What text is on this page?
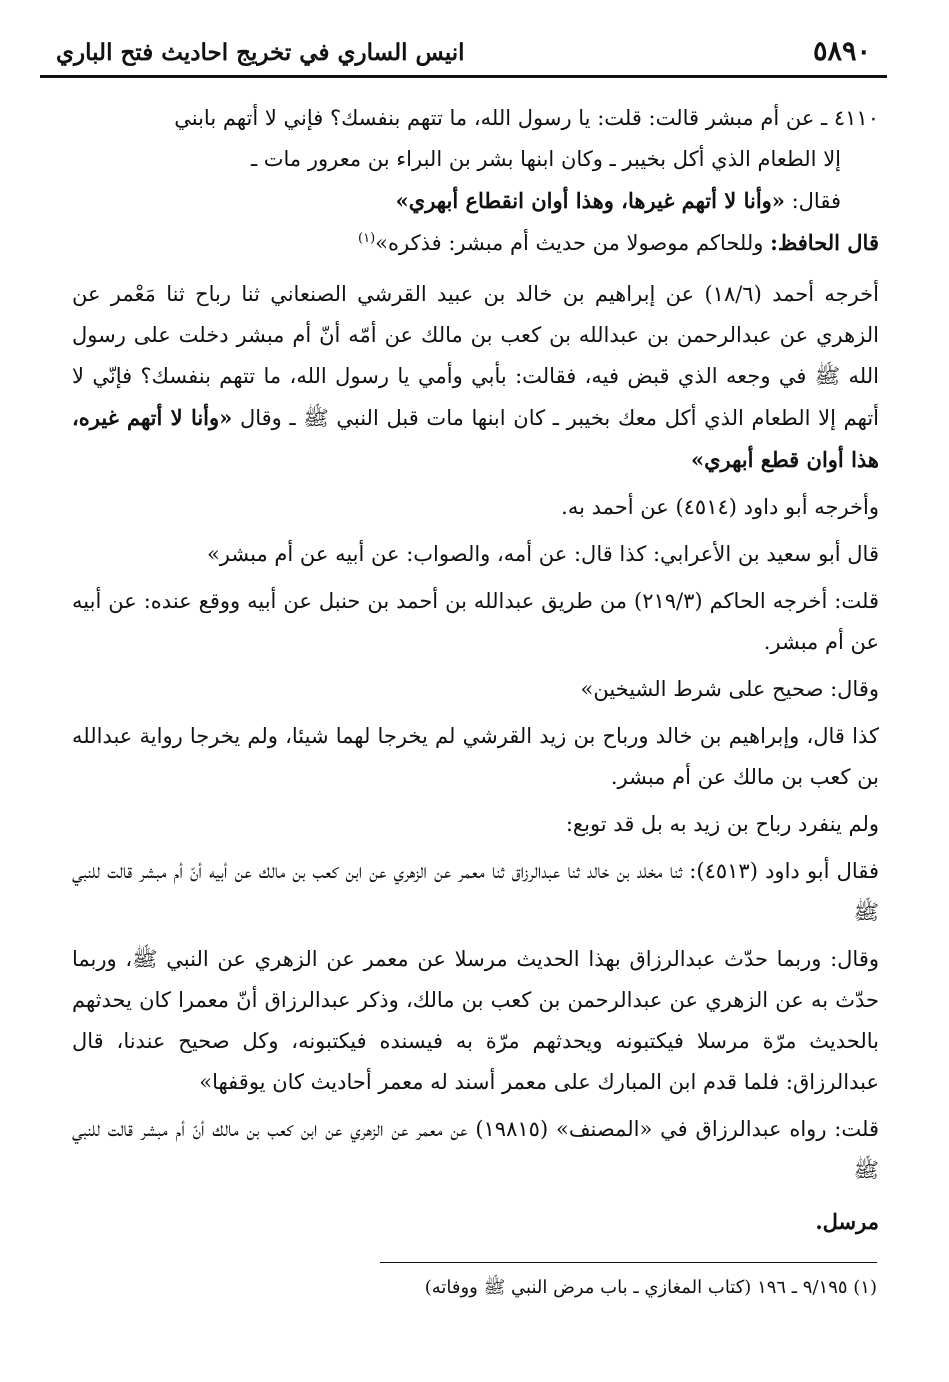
٥٨٩٠
انيس الساري في تخريج احاديث فتح الباري
٤١١٠ ـ عن أم مبشر قالت: قلت: يا رسول الله، ما تتهم بنفسك؟ فإني لا أتهم بابني
إلا الطعام الذي أكل بخيبر ـ وكان ابنها بشر بن البراء بن معرور مات ـ
فقال: «وأنا لا أتهم غيرها، وهذا أوان انقطاع أبهري»
قال الحافظ: وللحاكم موصولا من حديث أم مبشر: فذكره»$^{(١)}$

أخرجه أحمد (١٨/٦) عن إبراهيم بن خالد بن عبيد القرشي الصنعاني ثنا رباح ثنا مَعْمر عن الزهري عن عبدالرحمن بن عبدالله بن كعب بن مالك عن أمّه أنّ أم مبشر دخلت على رسول الله ﷺ في وجعه الذي قبض فيه، فقالت: بأبي وأمي يا رسول الله، ما تتهم بنفسك؟ فإنّي لا أتهم إلا الطعام الذي أكل معك بخيبر ـ كان ابنها مات قبل النبي ﷺ ـ وقال «وأنا لا أتهم غيره، هذا أوان قطع أبهري»

وأخرجه أبو داود (٤٥١٤) عن أحمد به.

قال أبو سعيد بن الأعرابي: كذا قال: عن أمه، والصواب: عن أبيه عن أم مبشر»

قلت: أخرجه الحاكم (٢١٩/٣) من طريق عبدالله بن أحمد بن حنبل عن أبيه ووقع عنده: عن أبيه عن أم مبشر.

وقال: صحيح على شرط الشيخين»

كذا قال، وإبراهيم بن خالد ورباح بن زيد القرشي لم يخرجا لهما شيئا، ولم يخرجا رواية عبدالله بن كعب بن مالك عن أم مبشر.

ولم ينفرد رباح بن زيد به بل قد توبع:

فقال أبو داود (٤٥١٣): ثنا مخلد بن خالد ثنا عبدالرزاق ثنا معمر عن الزهري عن ابن كعب بن مالك عن أبيه أنّ أم مبشر قالت للنبي ﷺ

وقال: وربما حدّث عبدالرزاق بهذا الحديث مرسلا عن معمر عن الزهري عن النبي ﷺ، وربما حدّث به عن الزهري عن عبدالرحمن بن كعب بن مالك، وذكر عبدالرزاق أنّ معمرا كان يحدثهم بالحديث مرّة مرسلا فيكتبونه ويحدثهم مرّة به فيسنده فيكتبونه، وكل صحيح عندنا، قال عبدالرزاق: فلما قدم ابن المبارك على معمر أسند له معمر أحاديث كان يوقفها»

قلت: رواه عبدالرزاق في «المصنف» (١٩٨١٥) عن معمر عن الزهري عن ابن كعب بن مالك أنّ أم مبشر قالت للنبي ﷺ

مرسل.

(١) ٩/١٩٥ ـ ١٩٦ (كتاب المغازي ـ باب مرض النبي ﷺ ووفاته)
